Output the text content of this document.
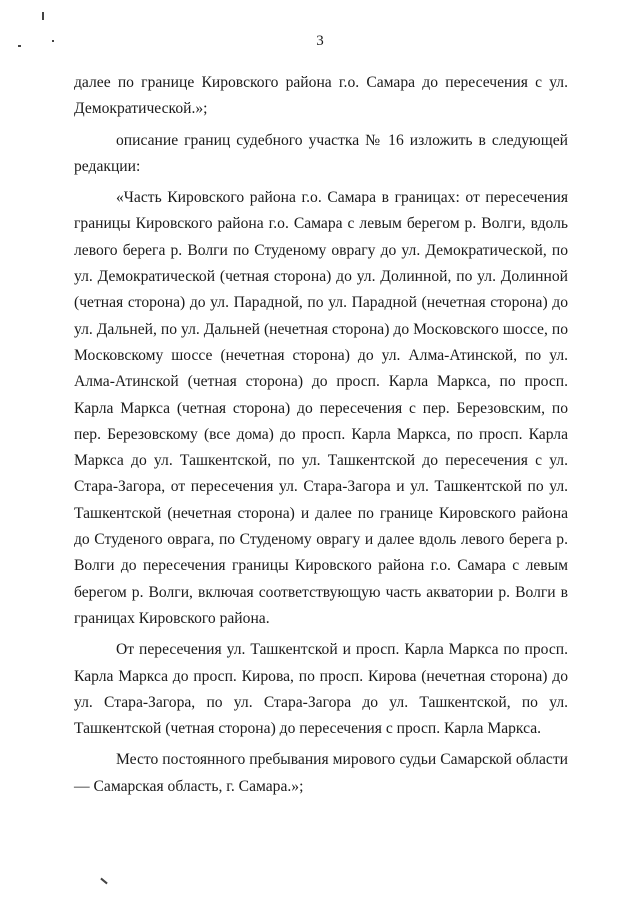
3

далее по границе Кировского района г.о. Самара до пересечения с ул. Демократической.»;

описание границ судебного участка № 16 изложить в следующей редакции:

«Часть Кировского района г.о. Самара в границах: от пересечения границы Кировского района г.о. Самара с левым берегом р. Волги, вдоль левого берега р. Волги по Студеному оврагу до ул. Демократической, по ул. Демократической (четная сторона) до ул. Долинной, по ул. Долинной (четная сторона) до ул. Парадной, по ул. Парадной (нечетная сторона) до ул. Дальней, по ул. Дальней (нечетная сторона) до Московского шоссе, по Московскому шоссе (нечетная сторона) до ул. Алма-Атинской, по ул. Алма-Атинской (четная сторона) до просп. Карла Маркса, по просп. Карла Маркса (четная сторона) до пересечения с пер. Березовским, по пер. Березовскому (все дома) до просп. Карла Маркса, по просп. Карла Маркса до ул. Ташкентской, по ул. Ташкентской до пересечения с ул. Стара-Загора, от пересечения ул. Стара-Загора и ул. Ташкентской по ул. Ташкентской (нечетная сторона) и далее по границе Кировского района до Студеного оврага, по Студеному оврагу и далее вдоль левого берега р. Волги до пересечения границы Кировского района г.о. Самара с левым берегом р. Волги, включая соответствующую часть акватории р. Волги в границах Кировского района.

От пересечения ул. Ташкентской и просп. Карла Маркса по просп. Карла Маркса до просп. Кирова, по просп. Кирова (нечетная сторона) до ул. Стара-Загора, по ул. Стара-Загора до ул. Ташкентской, по ул. Ташкентской (четная сторона) до пересечения с просп. Карла Маркса.

Место постоянного пребывания мирового судьи Самарской области — Самарская область, г. Самара.»;
